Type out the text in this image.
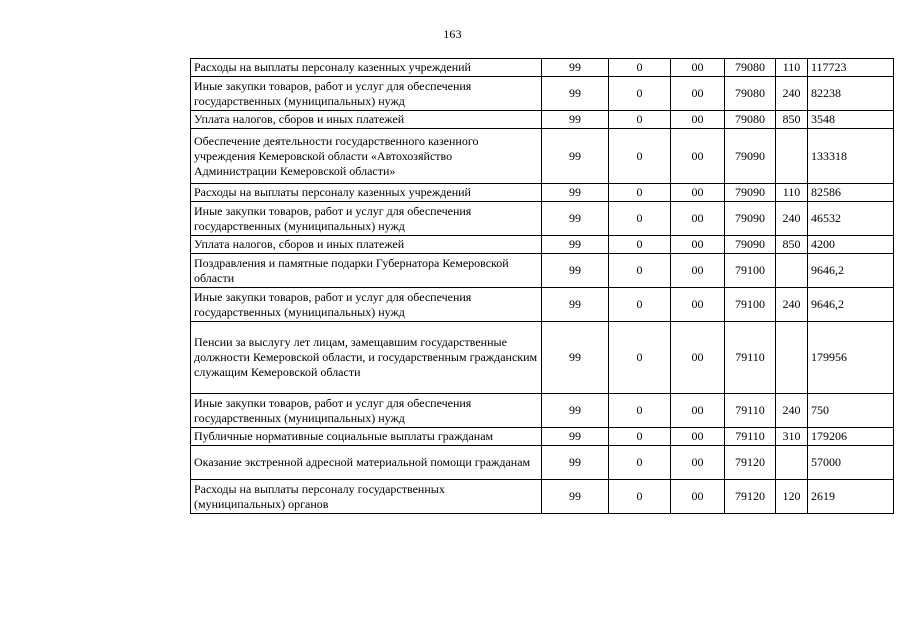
163
Расходы на выплаты персоналу казенных учреждений	99	0	00	79080	110	117723
Иные закупки товаров, работ и услуг для обеспечения государственных (муниципальных) нужд	99	0	00	79080	240	82238
Уплата налогов, сборов и иных платежей	99	0	00	79080	850	3548
Обеспечение деятельности государственного казенного учреждения Кемеровской области «Автохозяйство Администрации Кемеровской области»	99	0	00	79090		133318
Расходы на выплаты персоналу казенных учреждений	99	0	00	79090	110	82586
Иные закупки товаров, работ и услуг для обеспечения государственных (муниципальных) нужд	99	0	00	79090	240	46532
Уплата налогов, сборов и иных платежей	99	0	00	79090	850	4200
Поздравления и памятные подарки Губернатора Кемеровской области	99	0	00	79100		9646,2
Иные закупки товаров, работ и услуг для обеспечения государственных (муниципальных) нужд	99	0	00	79100	240	9646,2
Пенсии за выслугу лет лицам, замещавшим государственные должности Кемеровской области, и государственным гражданским служащим Кемеровской области	99	0	00	79110		179956
Иные закупки товаров, работ и услуг для обеспечения государственных (муниципальных) нужд	99	0	00	79110	240	750
Публичные нормативные социальные выплаты гражданам	99	0	00	79110	310	179206
Оказание экстренной адресной материальной помощи гражданам	99	0	00	79120		57000
Расходы на выплаты персоналу государственных (муниципальных) органов	99	0	00	79120	120	2619
